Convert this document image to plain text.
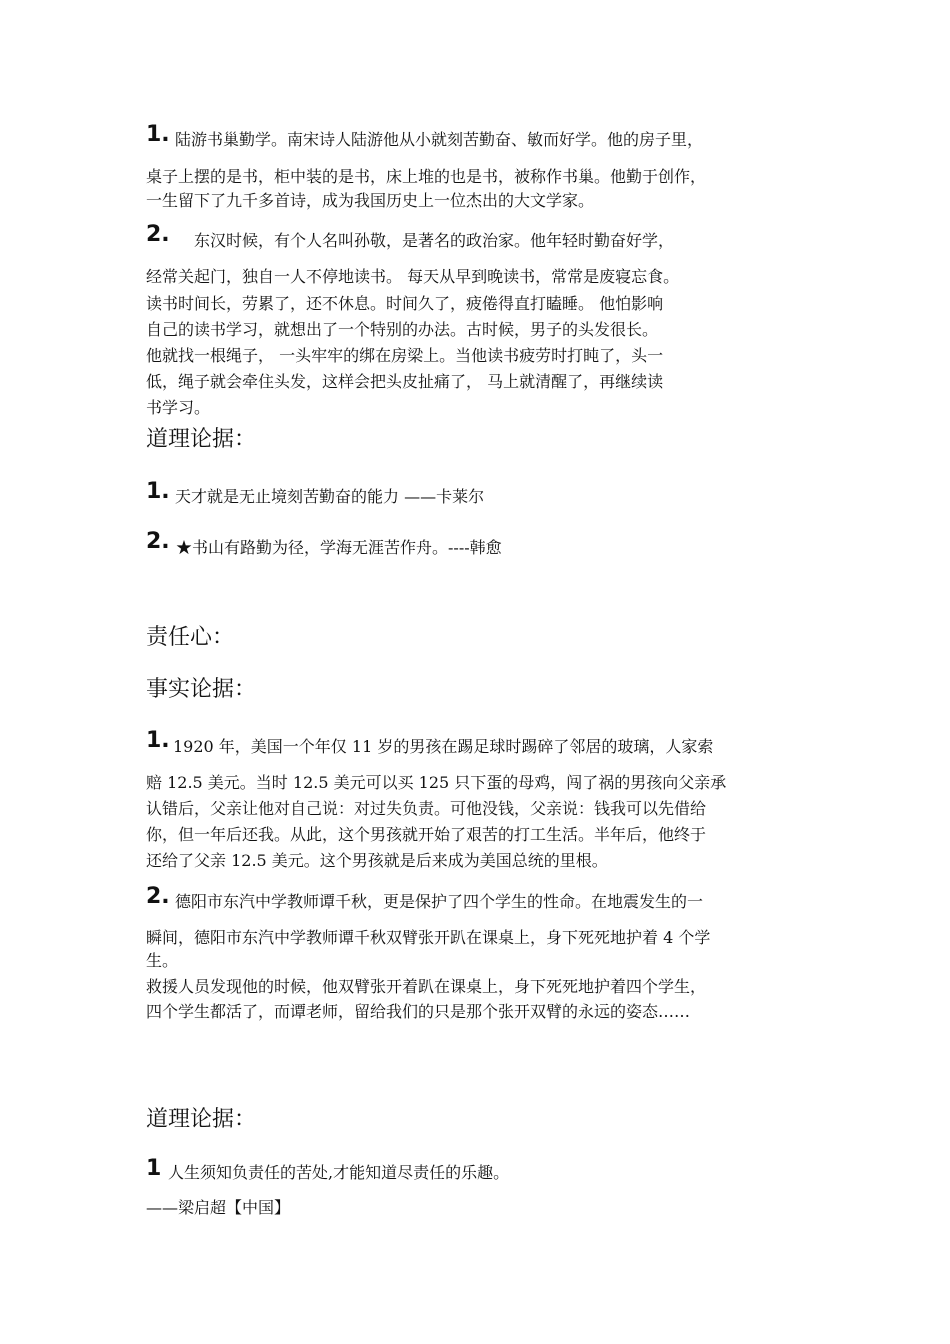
1. 陆游书巢勤学。南宋诗人陆游他从小就刻苦勤奋、敏而好学。他的房子里，
桌子上摆的是书，柜中装的是书，床上堆的也是书，被称作书巢。他勤于创作，
一生留下了九千多首诗，成为我国历史上一位杰出的大文学家。
2. 东汉时候，有个人名叫孙敬，是著名的政治家。他年轻时勤奋好学，
经常关起门，独自一人不停地读书。 每天从早到晚读书，常常是废寝忘食。
读书时间长，劳累了，还不休息。时间久了，疲倦得直打瞌睡。 他怕影响
自己的读书学习，就想出了一个特别的办法。古时候，男子的头发很长。
他就找一根绳子， 一头牢牢的绑在房梁上。当他读书疲劳时打盹了，头一
低，绳子就会牵住头发，这样会把头皮扯痛了， 马上就清醒了，再继续读
书学习。
道理论据：
1. 天才就是无止境刻苦勤奋的能力 ——卡莱尔
2. ★书山有路勤为径，学海无涯苦作舟。----韩愈
责任心：
事实论据：
1. 1920 年，美国一个年仅 11 岁的男孩在踢足球时踢碎了邻居的玻璃，人家索
赔 12.5 美元。当时 12.5 美元可以买 125 只下蛋的母鸡，闯了祸的男孩向父亲承
认错后，父亲让他对自己说：对过失负责。可他没钱，父亲说：钱我可以先借给
你，但一年后还我。从此，这个男孩就开始了艰苦的打工生活。半年后，他终于
还给了父亲 12.5 美元。这个男孩就是后来成为美国总统的里根。
2. 德阳市东汽中学教师谭千秋，更是保护了四个学生的性命。在地震发生的一
瞬间，德阳市东汽中学教师谭千秋双臂张开趴在课桌上，身下死死地护着 4 个学
生。
救援人员发现他的时候，他双臂张开着趴在课桌上，身下死死地护着四个学生，
四个学生都活了，而谭老师，留给我们的只是那个张开双臂的永远的姿态……
道理论据：
1 人生须知负责任的苦处,才能知道尽责任的乐趣。
——梁启超【中国】
